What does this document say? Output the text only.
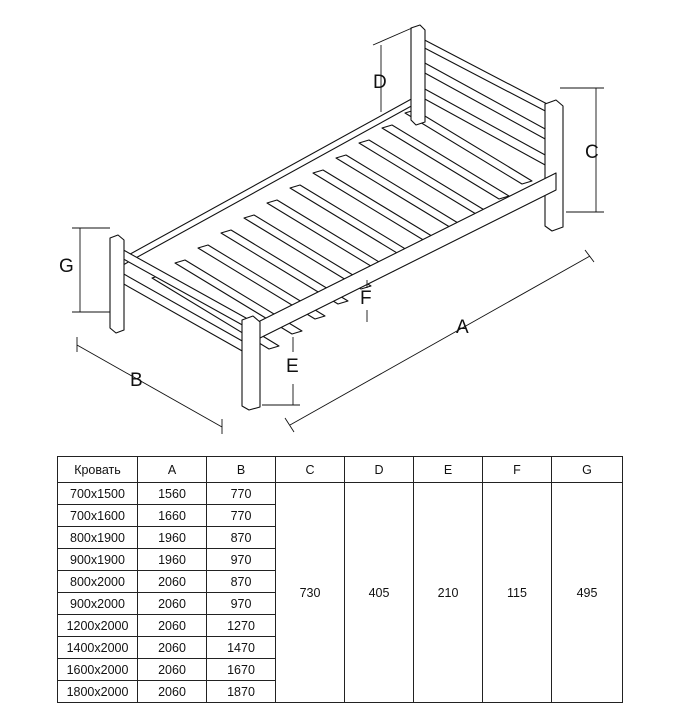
A
B
C
D
E
F
G
Кровать	A	B	C	D	E	F	G
700x1500	1560	770	730	405	210	115	495
700x1600	1660	770					
800x1900	1960	870					
900x1900	1960	970					
800x2000	2060	870					
900x2000	2060	970					
1200x2000	2060	1270					
1400x2000	2060	1470					
1600x2000	2060	1670					
1800x2000	2060	1870					
